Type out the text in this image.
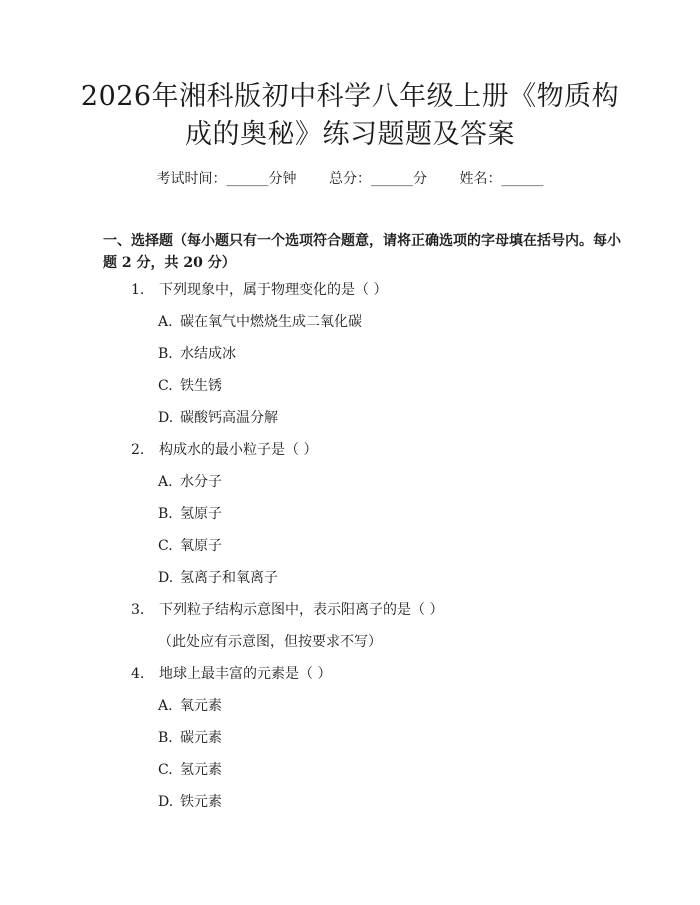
2026年湘科版初中科学八年级上册《物质构
成的奥秘》练习题题及答案
考试时间：______分钟 总分：______分 姓名：______

一、选择题（每小题只有一个选项符合题意，请将正确选项的字母填在括号内。每小题 2 分，共 20 分）

1. 下列现象中，属于物理变化的是（ ）
A. 碳在氧气中燃烧生成二氧化碳
B. 水结成冰
C. 铁生锈
D. 碳酸钙高温分解
2. 构成水的最小粒子是（ ）
A. 水分子
B. 氢原子
C. 氧原子
D. 氢离子和氧离子
3. 下列粒子结构示意图中，表示阳离子的是（ ）
（此处应有示意图，但按要求不写）
4. 地球上最丰富的元素是（ ）
A. 氧元素
B. 碳元素
C. 氢元素
D. 铁元素
